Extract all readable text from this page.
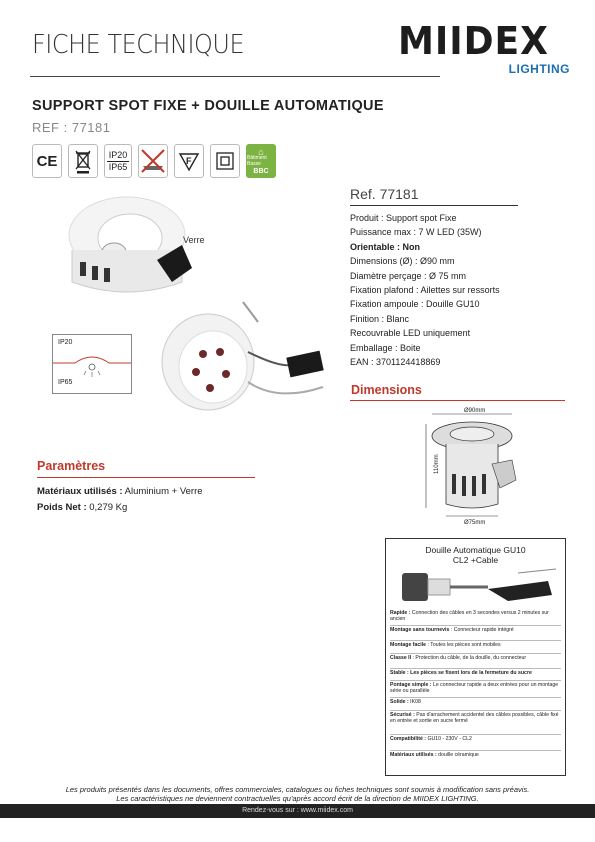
FICHE TECHNIQUE	MIIDEX
LIGHTING
SUPPORT SPOT FIXE + DOUILLE AUTOMATIQUE
REF : 77181
CE	IP20
IP65
F
⌂
Bâtiment Basse
BBC
Verre
IP20
IP65
Ref. 77181
Produit : Support spot Fixe
Puissance max : 7 W LED (35W)
Orientable : Non
Dimensions (Ø) : Ø90 mm
Diamètre perçage : Ø 75 mm
Fixation plafond : Ailettes sur ressorts
Fixation ampoule : Douille GU10
Finition : Blanc
Recouvrable LED uniquement
Emballage : Boite
EAN : 3701124418869
Dimensions
Ø90mm
110mm
Ø75mm
Paramètres
Matériaux utilisés : Aluminium + Verre
Poids Net : 0,279 Kg
Douille Automatique GU10
CL2 +Cable
Rapide : Connection des câbles en 3 secondes versus 2 minutes sur ancien
Montage sans tournevis : Connecteur rapide intégré
Montage facile : Toutes les pièces sont mobiles
Classe II : Protection du câble, de la douille, du connecteur
Stable : Les pièces se fixent lors de la fermeture du sucre
Pontage simple : Le connecteur rapide a deux entrées pour un montage série ou parallèle
Solide : IK08
Sécurisé : Pas d'arrachement accidentel des câbles possibles, câble fixé en entrée et sortie en sucre fermé
Compatibilité : GU10 - 230V - CL2
Matériaux utilisés : douille céramique
Les produits présentés dans les documents, offres commerciales, catalogues ou fiches techniques sont soumis à modification sans préavis.
Les caractéristiques ne deviennent contractuelles qu'après accord écrit de la direction de MIIDEX LIGHTING.
Rendez-vous sur : www.miidex.com
